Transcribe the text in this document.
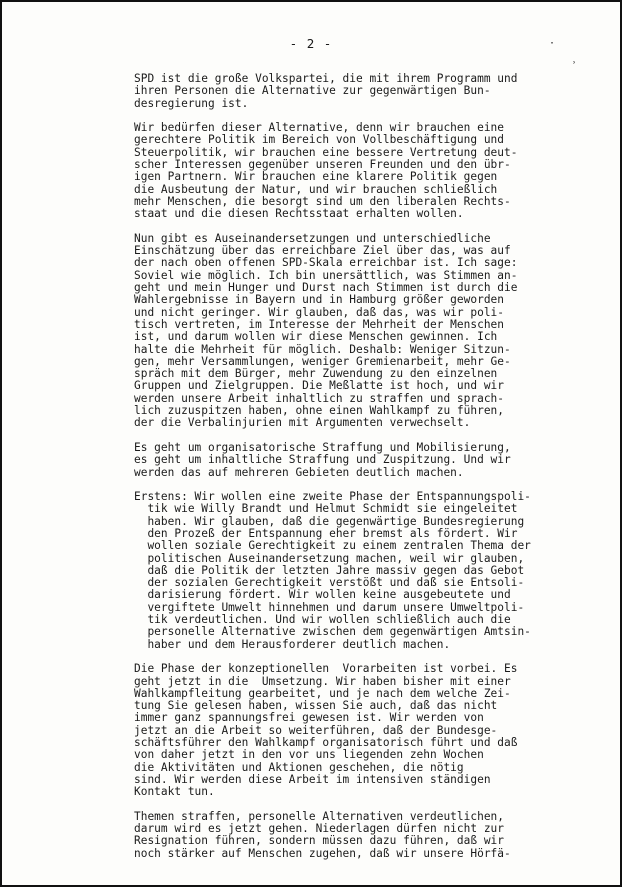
- 2 -	·
˒
SPD ist die große Volkspartei, die mit ihrem Programm und
ihren Personen die Alternative zur gegenwärtigen Bun-
desregierung ist.
Wir bedürfen dieser Alternative, denn wir brauchen eine
gerechtere Politik im Bereich von Vollbeschäftigung und
Steuerpolitik, wir brauchen eine bessere Vertretung deut-
scher Interessen gegenüber unseren Freunden und den übr-
igen Partnern. Wir brauchen eine klarere Politik gegen
die Ausbeutung der Natur, und wir brauchen schließlich
mehr Menschen, die besorgt sind um den liberalen Rechts-
staat und die diesen Rechtsstaat erhalten wollen.
Nun gibt es Auseinandersetzungen und unterschiedliche
Einschätzung über das erreichbare Ziel über das, was auf
der nach oben offenen SPD-Skala erreichbar ist. Ich sage:
Soviel wie möglich. Ich bin unersättlich, was Stimmen an-
geht und mein Hunger und Durst nach Stimmen ist durch die
Wahlergebnisse in Bayern und in Hamburg größer geworden
und nicht geringer. Wir glauben, daß das, was wir poli-
tisch vertreten, im Interesse der Mehrheit der Menschen
ist, und darum wollen wir diese Menschen gewinnen. Ich
halte die Mehrheit für möglich. Deshalb: Weniger Sitzun-
gen, mehr Versammlungen, weniger Gremienarbeit, mehr Ge-
spräch mit dem Bürger, mehr Zuwendung zu den einzelnen
Gruppen und Zielgruppen. Die Meßlatte ist hoch, und wir
werden unsere Arbeit inhaltlich zu straffen und sprach-
lich zuzuspitzen haben, ohne einen Wahlkampf zu führen,
der die Verbalinjurien mit Argumenten verwechselt.
Es geht um organisatorische Straffung und Mobilisierung,
es geht um inhaltliche Straffung und Zuspitzung. Und wir
werden das auf mehreren Gebieten deutlich machen.
Erstens: Wir wollen eine zweite Phase der Entspannungspoli-
tik wie Willy Brandt und Helmut Schmidt sie eingeleitet
haben. Wir glauben, daß die gegenwärtige Bundesregierung
den Prozeß der Entspannung eher bremst als fördert. Wir
wollen soziale Gerechtigkeit zu einem zentralen Thema der
politischen Auseinandersetzung machen, weil wir glauben,
daß die Politik der letzten Jahre massiv gegen das Gebot
der sozialen Gerechtigkeit verstößt und daß sie Entsoli-
darisierung fördert. Wir wollen keine ausgebeutete und
vergiftete Umwelt hinnehmen und darum unsere Umweltpoli-
tik verdeutlichen. Und wir wollen schließlich auch die
personelle Alternative zwischen dem gegenwärtigen Amtsin-
haber und dem Herausforderer deutlich machen.
Die Phase der konzeptionellen  Vorarbeiten ist vorbei. Es
geht jetzt in die  Umsetzung. Wir haben bisher mit einer
Wahlkampfleitung gearbeitet, und je nach dem welche Zei-
tung Sie gelesen haben, wissen Sie auch, daß das nicht
immer ganz spannungsfrei gewesen ist. Wir werden von
jetzt an die Arbeit so weiterführen, daß der Bundesge-
schäftsführer den Wahlkampf organisatorisch führt und daß
von daher jetzt in den vor uns liegenden zehn Wochen
die Aktivitäten und Aktionen geschehen, die nötig
sind. Wir werden diese Arbeit im intensiven ständigen
Kontakt tun.
Themen straffen, personelle Alternativen verdeutlichen,
darum wird es jetzt gehen. Niederlagen dürfen nicht zur
Resignation führen, sondern müssen dazu führen, daß wir
noch stärker auf Menschen zugehen, daß wir unsere Hörfä-
